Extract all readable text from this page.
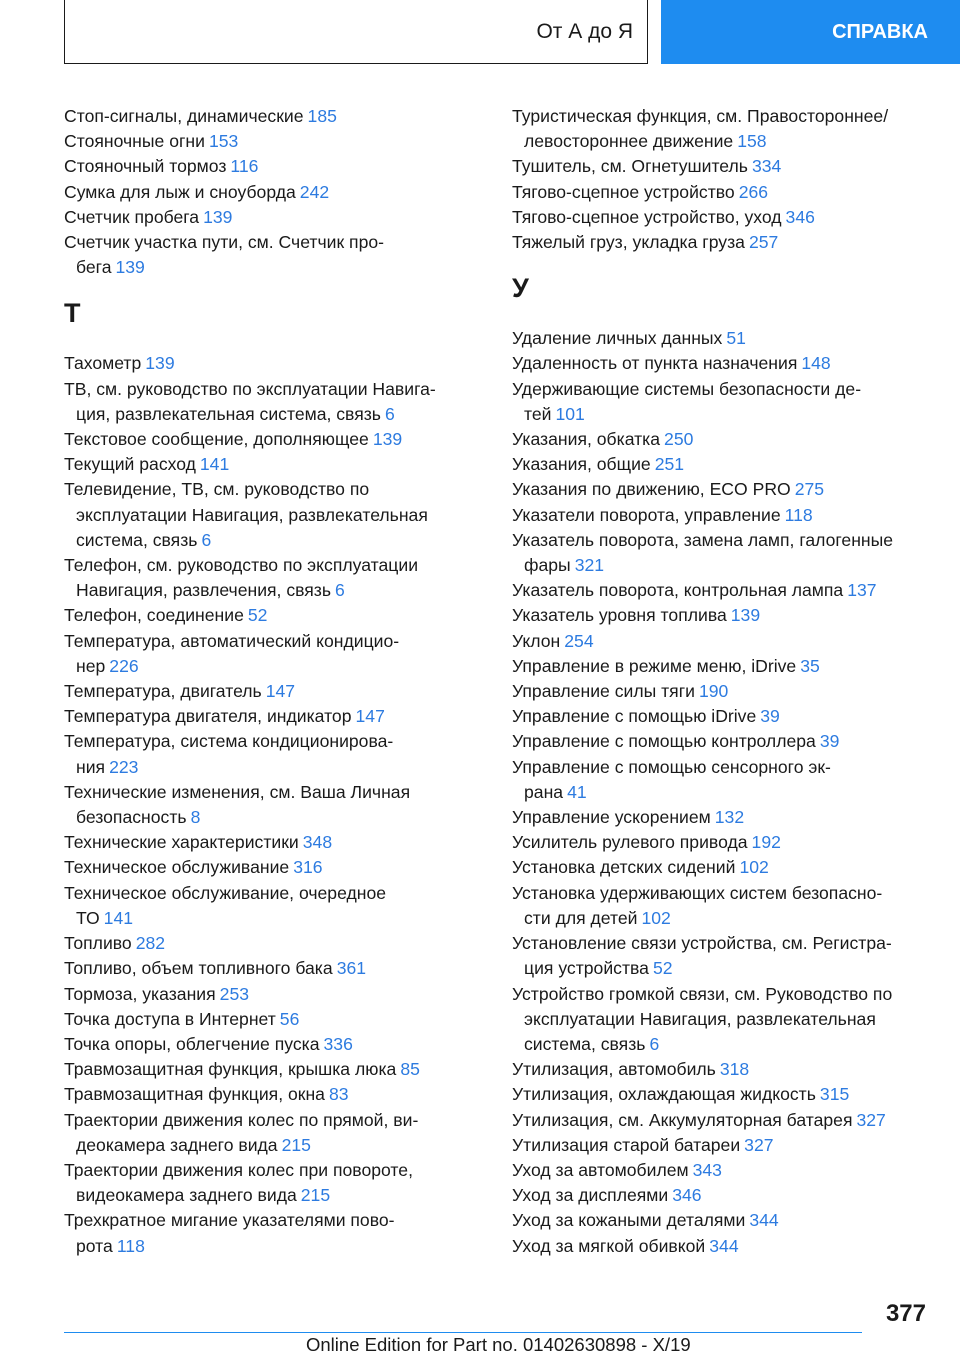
От А до Я	СПРАВКА
Стоп-сигналы, динамические 185
Стояночные огни 153
Стояночный тормоз 116
Сумка для лыж и сноуборда 242
Счетчик пробега 139
Счетчик участка пути, см. Счетчик про-
бега 139
Т
Тахометр 139
ТВ, см. руководство по эксплуатации Навига-
ция, развлекательная система, связь 6
Текстовое сообщение, дополняющее 139
Текущий расход 141
Телевидение, ТВ, см. руководство по
эксплуатации Навигация, развлекательная
система, связь 6
Телефон, см. руководство по эксплуатации
Навигация, развлечения, связь 6
Телефон, соединение 52
Температура, автоматический кондицио-
нер 226
Температура, двигатель 147
Температура двигателя, индикатор 147
Температура, система кондиционирова-
ния 223
Технические изменения, см. Ваша Личная
безопасность 8
Технические характеристики 348
Техническое обслуживание 316
Техническое обслуживание, очередное
ТО 141
Топливо 282
Топливо, объем топливного бака 361
Тормоза, указания 253
Точка доступа в Интернет 56
Точка опоры, облегчение пуска 336
Травмозащитная функция, крышка люка 85
Травмозащитная функция, окна 83
Траектории движения колес по прямой, ви-
деокамера заднего вида 215
Траектории движения колес при повороте,
видеокамера заднего вида 215
Трехкратное мигание указателями пово-
рота 118
Туристическая функция, см. Правостороннее/
левостороннее движение 158
Тушитель, см. Огнетушитель 334
Тягово-сцепное устройство 266
Тягово-сцепное устройство, уход 346
Тяжелый груз, укладка груза 257
У
Удаление личных данных 51
Удаленность от пункта назначения 148
Удерживающие системы безопасности де-
тей 101
Указания, обкатка 250
Указания, общие 251
Указания по движению, ECO PRO 275
Указатели поворота, управление 118
Указатель поворота, замена ламп, галогенные
фары 321
Указатель поворота, контрольная лампа 137
Указатель уровня топлива 139
Уклон 254
Управление в режиме меню, iDrive 35
Управление силы тяги 190
Управление с помощью iDrive 39
Управление с помощью контроллера 39
Управление с помощью сенсорного эк-
рана 41
Управление ускорением 132
Усилитель рулевого привода 192
Установка детских сидений 102
Установка удерживающих систем безопасно-
сти для детей 102
Установление связи устройства, см. Регистра-
ция устройства 52
Устройство громкой связи, см. Руководство по
эксплуатации Навигация, развлекательная
система, связь 6
Утилизация, автомобиль 318
Утилизация, охлаждающая жидкость 315
Утилизация, см. Аккумуляторная батарея 327
Утилизация старой батареи 327
Уход за автомобилем 343
Уход за дисплеями 346
Уход за кожаными деталями 344
Уход за мягкой обивкой 344
377
Online Edition for Part no. 01402630898 - X/19
